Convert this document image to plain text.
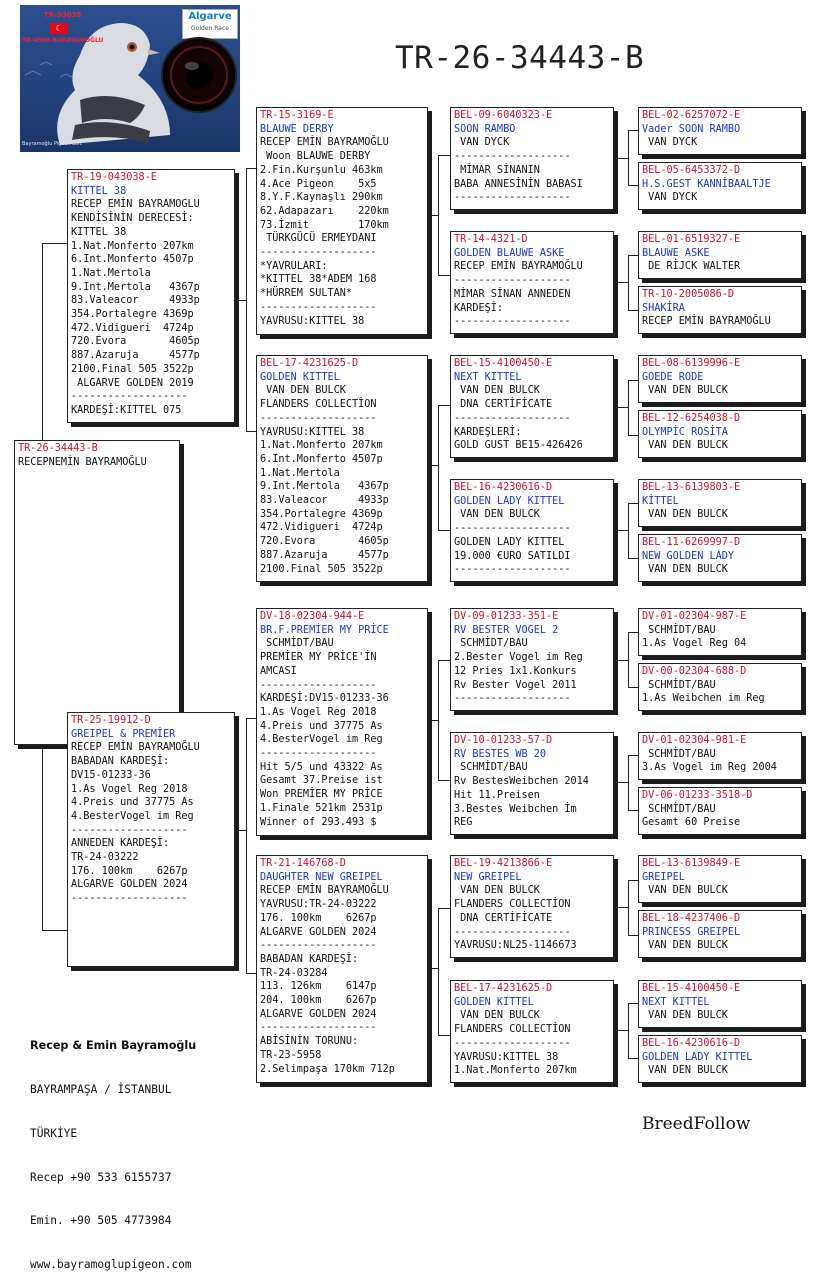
TR-93038
☾
TR-4909-BURAYAMOĞLU
Algarve
Golden Race
Bayramoğlu Pigeon Loft
TR-26-34443-B
TR-26-34443-B
RECEPNEMİN BAYRAMOĞLU
TR-19-043038-E
KITTEL 38
RECEP EMİN BAYRAMOGLU
KENDİSİNİN DERECESİ:
KITTEL 38
1.Nat.Monferto 207km
6.Int.Monferto 4507p
1.Nat.Mertola
9.Int.Mertola   4367p
83.Valeacor     4933p
354.Portalegre 4369p
472.Vidigueri  4724p
720.Evora       4605p
887.Azaruja     4577p
2100.Final 505 3522p
ALGARVE GOLDEN 2019
-------------------
KARDEŞİ:KITTEL 075
TR-25-19912-D
GREIPEL & PREMİER
RECEP EMİN BAYRAMOĞLU
BABADAN KARDEŞİ:
DV15-01233-36
1.As Vogel Reg 2018
4.Preis und 37775 As
4.BesterVogel im Reg
-------------------
ANNEDEN KARDEŞİ:
TR-24-03222
176. 100km    6267p
ALGARVE GOLDEN 2024
-------------------
TR-15-3169-E
BLAUWE DERBY
RECEP EMİN BAYRAMOĞLU
Woon BLAUWE DERBY
2.Fin.Kurşunlu 463km
4.Ace Pigeon    5x5
8.Y.F.Kaynaşlı 290km
62.Adapazarı    220km
73.İzmit        170km
TÜRKGÜCÜ ERMEYDANI
-------------------
*YAVRULARI:
*KITTEL 38*ADEM 168
*HÜRREM SULTAN*
-------------------
YAVRUSU:KITTEL 38
BEL-17-4231625-D
GOLDEN KITTEL
VAN DEN BULCK
FLANDERS COLLECTİON
-------------------
YAVRUSU:KITTEL 38
1.Nat.Monferto 207km
6.Int.Monferto 4507p
1.Nat.Mertola
9.Int.Mertola   4367p
83.Valeacor     4933p
354.Portalegre 4369p
472.Vidigueri  4724p
720.Evora       4605p
887.Azaruja     4577p
2100.Final 505 3522p
DV-18-02304-944-E
BR.F.PREMİER MY PRİCE
SCHMİDT/BAU
PREMİER MY PRİCE'İN
AMCASI
-------------------
KARDEŞİ:DV15-01233-36
1.As Vogel Reg 2018
4.Preis und 37775 As
4.BesterVogel im Reg
-------------------
Hit 5/5 und 43322 As
Gesamt 37.Preise ist
Won PREMİER MY PRİCE
1.Finale 521km 2531p
Winner of 293.493 $
TR-21-146768-D
DAUGHTER NEW GREIPEL
RECEP EMİN BAYRAMOĞLU
YAVRUSU:TR-24-03222
176. 100km    6267p
ALGARVE GOLDEN 2024
-------------------
BABADAN KARDEŞİ:
TR-24-03284
113. 126km    6147p
204. 100km    6267p
ALGARVE GOLDEN 2024
-------------------
ABİSİNİN TORUNU:
TR-23-5958
2.Selimpaşa 170km 712p
BEL-09-6040323-E
SOON RAMBO
VAN DYCK
-------------------
MİMAR SİNANIN
BABA ANNESİNİN BABASI
-------------------
TR-14-4321-D
GOLDEN BLAUWE ASKE
RECEP EMİN BAYRAMOĞLU
-------------------
MİMAR SİNAN ANNEDEN
KARDEŞİ:
-------------------
BEL-15-4100450-E
NEXT KITTEL
VAN DEN BULCK
DNA CERTİFİCATE
-------------------
KARDEŞLERİ:
GOLD GUST BE15-426426
BEL-16-4230616-D
GOLDEN LADY KITTEL
VAN DEN BULCK
-------------------
GOLDEN LADY KITTEL
19.000 €URO SATILDI
-------------------
DV-09-01233-351-E
RV BESTER VOGEL 2
SCHMİDT/BAU
2.Bester Vogel im Reg
12 Pries 1x1.Konkurs
Rv Bester Vogel 2011
-------------------
DV-10-01233-57-D
RV BESTES WB 20
SCHMİDT/BAU
Rv BestesWeibchen 2014
Hit 11.Preisen
3.Bestes Weibchen İm
REG
BEL-19-4213866-E
NEW GREIPEL
VAN DEN BULCK
FLANDERS COLLECTİON
DNA CERTİFİCATE
-------------------
YAVRUSU:NL25-1146673
BEL-17-4231625-D
GOLDEN KITTEL
VAN DEN BULCK
FLANDERS COLLECTİON
-------------------
YAVRUSU:KITTEL 38
1.Nat.Monferto 207km
BEL-02-6257072-E
Vader SOON RAMBO
VAN DYCK
BEL-05-6453372-D
H.S.GEST KANNİBAALTJE
VAN DYCK
BEL-01-6519327-E
BLAUWE ASKE
DE RİJCK WALTER
TR-10-2005086-D
SHAKİRA
RECEP EMİN BAYRAMOĞLU
BEL-08-6139996-E
GOEDE RODE
VAN DEN BULCK
BEL-12-6254038-D
OLYMPİC ROSİTA
VAN DEN BULCK
BEL-13-6139803-E
KİTTEL
VAN DEN BULCK
BEL-11-6269997-D
NEW GOLDEN LADY
VAN DEN BULCK
DV-01-02304-987-E
SCHMİDT/BAU
1.As Vogel Reg 04
DV-00-02304-688-D
SCHMİDT/BAU
1.As Weibchen im Reg
DV-01-02304-981-E
SCHMİDT/BAU
3.As Vogel im Reg 2004
DV-06-01233-3518-D
SCHMİDT/BAU
Gesamt 60 Preise
BEL-13-6139849-E
GREIPEL
VAN DEN BULCK
BEL-18-4237406-D
PRINCESS GREIPEL
VAN DEN BULCK
BEL-15-4100450-E
NEXT KITTEL
VAN DEN BULCK
BEL-16-4230616-D
GOLDEN LADY KITTEL
VAN DEN BULCK

Recep & Emin Bayramoğlu

BAYRAMPAŞA / İSTANBUL

TÜRKİYE

Recep +90 533 6155737

Emin. +90 505 4773984

www.bayramoglupigeon.com

BreedFollow
